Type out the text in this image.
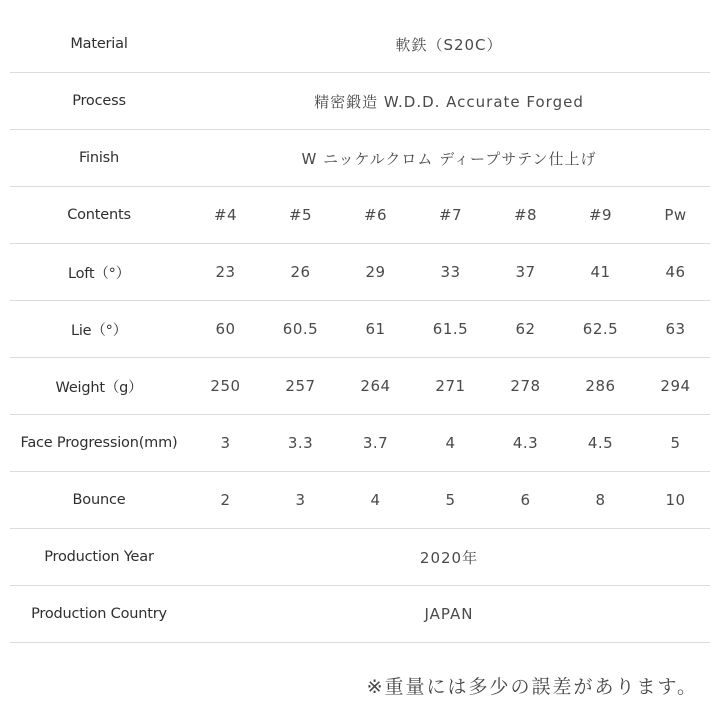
Material	軟鉄（S20C）
Process	精密鍛造 W.D.D. Accurate Forged
Finish	W ニッケルクロム ディープサテン仕上げ
Contents	#4	#5	#6	#7	#8	#9	Pw
Loft（°）	23	26	29	33	37	41	46
Lie（°）	60	60.5	61	61.5	62	62.5	63
Weight（g）	250	257	264	271	278	286	294
Face Progression(mm)	3	3.3	3.7	4	4.3	4.5	5
Bounce	2	3	4	5	6	8	10
Production Year	2020年
Production Country	JAPAN
※重量には多少の誤差があります。
